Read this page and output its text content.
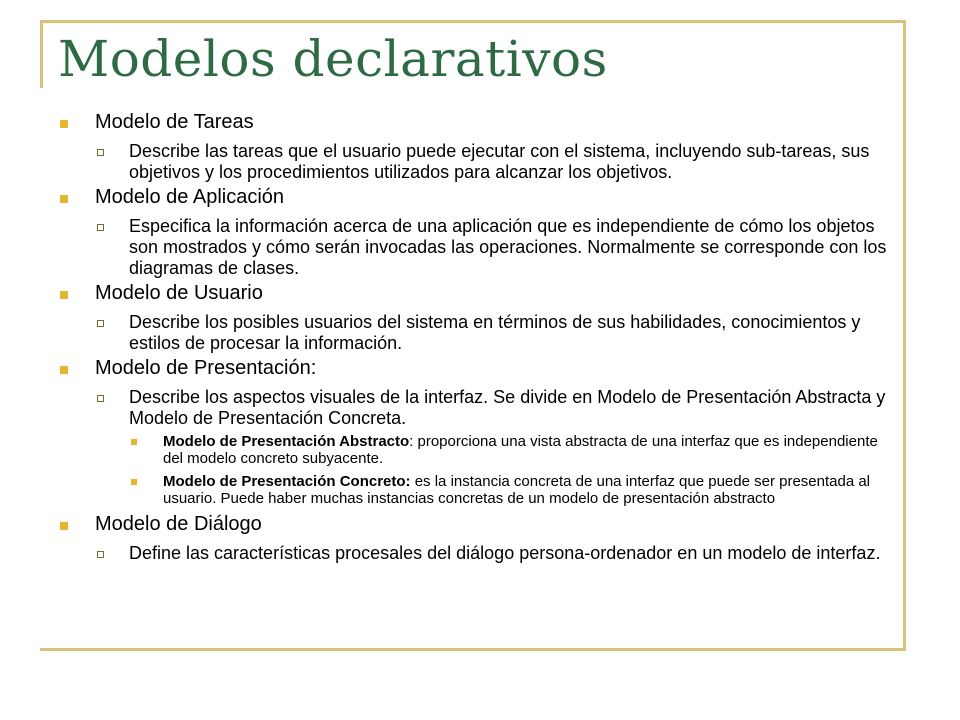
Modelos declarativos
Modelo de Tareas
Describe las tareas que el usuario puede ejecutar con el sistema, incluyendo sub-tareas, sus objetivos y los procedimientos utilizados para alcanzar los objetivos.
Modelo de Aplicación
Especifica la información acerca de una aplicación que es independiente de cómo los objetos son mostrados y cómo serán invocadas las operaciones. Normalmente se corresponde con los diagramas de clases.
Modelo de Usuario
Describe los posibles usuarios del sistema en términos de sus habilidades, conocimientos y estilos de procesar la información.
Modelo de Presentación:
Describe los aspectos visuales de la interfaz. Se divide en Modelo de Presentación Abstracta y Modelo de Presentación Concreta.
Modelo de Presentación Abstracto: proporciona una vista abstracta de una interfaz que es independiente del modelo concreto subyacente.
Modelo de Presentación Concreto: es la instancia concreta de una interfaz que puede ser presentada al usuario. Puede haber muchas instancias concretas de un modelo de presentación abstracto
Modelo de Diálogo
Define las características procesales del diálogo persona-ordenador en un modelo de interfaz.
